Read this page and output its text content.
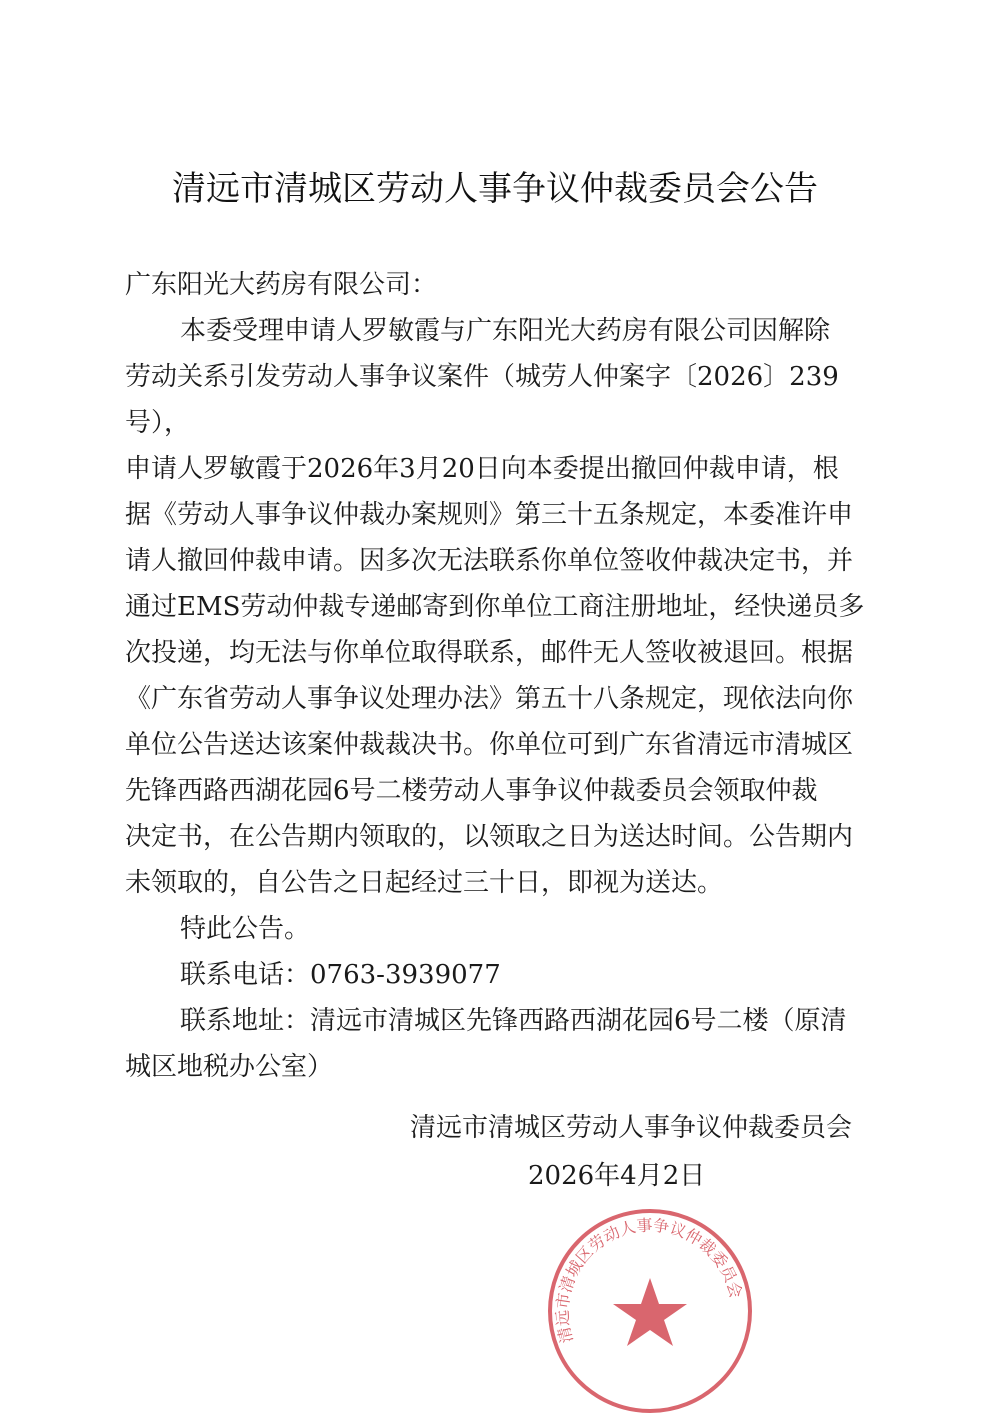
清远市清城区劳动人事争议仲裁委员会公告
广东阳光大药房有限公司：
本委受理申请人罗敏霞与广东阳光大药房有限公司因解除
劳动关系引发劳动人事争议案件（城劳人仲案字〔2026〕239号），
申请人罗敏霞于2026年3月20日向本委提出撤回仲裁申请，根
据《劳动人事争议仲裁办案规则》第三十五条规定，本委准许申
请人撤回仲裁申请。因多次无法联系你单位签收仲裁决定书，并
通过EMS劳动仲裁专递邮寄到你单位工商注册地址，经快递员多
次投递，均无法与你单位取得联系，邮件无人签收被退回。根据
《广东省劳动人事争议处理办法》第五十八条规定，现依法向你
单位公告送达该案仲裁裁决书。你单位可到广东省清远市清城区
先锋西路西湖花园6号二楼劳动人事争议仲裁委员会领取仲裁
决定书，在公告期内领取的，以领取之日为送达时间。公告期内
未领取的，自公告之日起经过三十日，即视为送达。
特此公告。
联系电话：0763-3939077
联系地址：清远市清城区先锋西路西湖花园6号二楼（原清
城区地税办公室）
清远市清城区劳动人事争议仲裁委员会
2026年4月2日
清远市清城区劳动人事争议仲裁委员会
